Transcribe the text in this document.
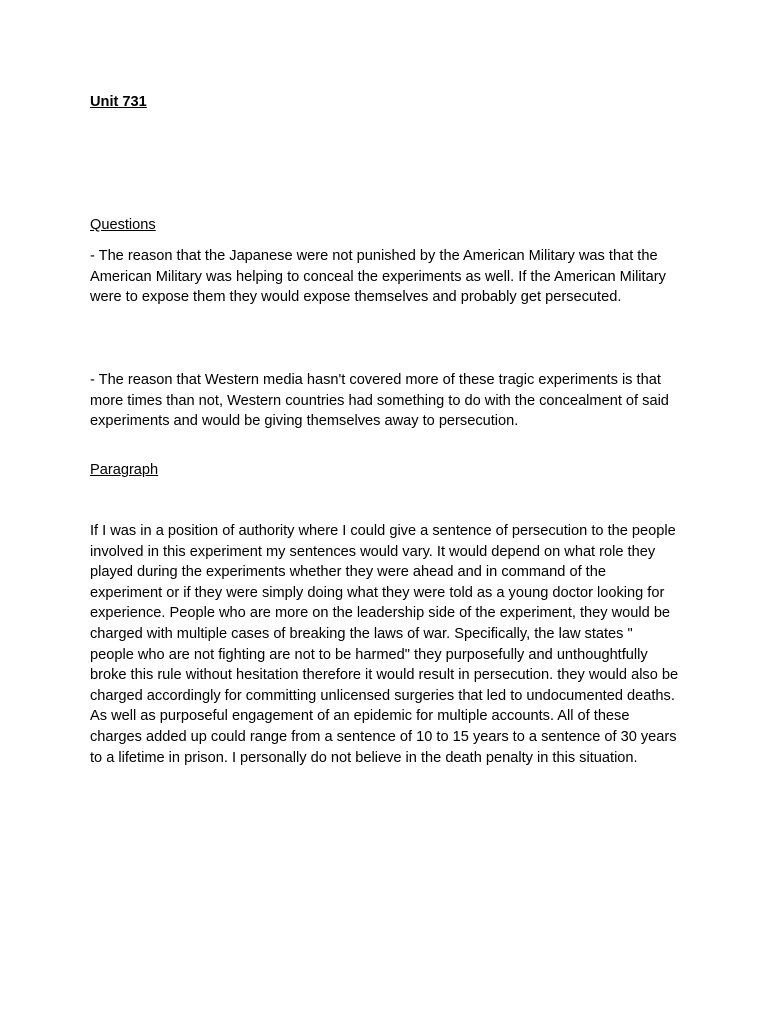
Unit 731

Questions

- The reason that the Japanese were not punished by the American Military was that the American Military was helping to conceal the experiments as well. If the American Military were to expose them they would expose themselves and probably get persecuted.

- The reason that Western media hasn't covered more of these tragic experiments is that more times than not, Western countries had something to do with the concealment of said experiments and would be giving themselves away to persecution.

Paragraph

If I was in a position of authority where I could give a sentence of persecution to the people involved in this experiment my sentences would vary. It would depend on what role they played during the experiments whether they were ahead and in command of the experiment or if they were simply doing what they were told as a young doctor looking for experience. People who are more on the leadership side of the experiment, they would be charged with multiple cases of breaking the laws of war. Specifically, the law states " people who are not fighting are not to be harmed" they purposefully and unthoughtfully broke this rule without hesitation therefore it would result in persecution. they would also be charged accordingly for committing unlicensed surgeries that led to undocumented deaths. As well as purposeful engagement of an epidemic for multiple accounts. All of these charges added up could range from a sentence of 10 to 15 years to a sentence of 30 years to a lifetime in prison. I personally do not believe in the death penalty in this situation.
